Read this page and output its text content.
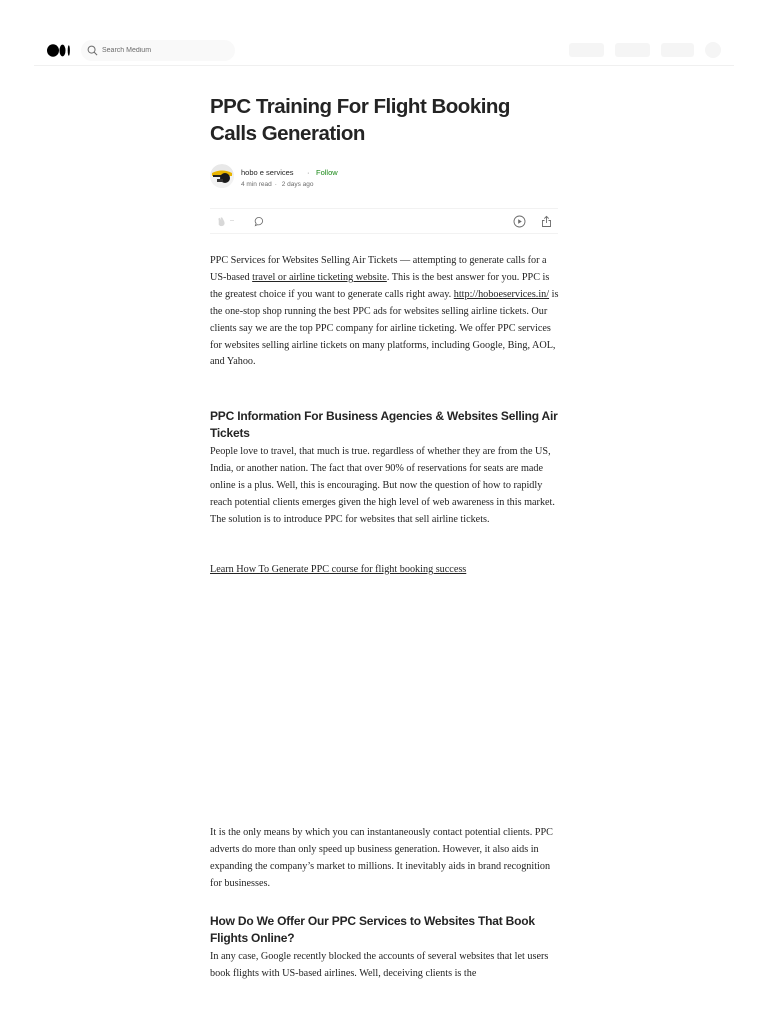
Search Medium
PPC Training For Flight Booking Calls Generation
hobo e services · Follow
4 min read · 2 days ago
--

PPC Services for Websites Selling Air Tickets — attempting to generate calls for a US-based travel or airline ticketing website. This is the best answer for you. PPC is the greatest choice if you want to generate calls right away. http://hoboeservices.in/ is the one-stop shop running the best PPC ads for websites selling airline tickets. Our clients say we are the top PPC company for airline ticketing. We offer PPC services for websites selling airline tickets on many platforms, including Google, Bing, AOL, and Yahoo.

PPC Information For Business Agencies & Websites Selling Air Tickets

People love to travel, that much is true. regardless of whether they are from the US, India, or another nation. The fact that over 90% of reservations for seats are made online is a plus. Well, this is encouraging. But now the question of how to rapidly reach potential clients emerges given the high level of web awareness in this market. The solution is to introduce PPC for websites that sell airline tickets.

Learn How To Generate PPC course for flight booking success

It is the only means by which you can instantaneously contact potential clients. PPC adverts do more than only speed up business generation. However, it also aids in expanding the company’s market to millions. It inevitably aids in brand recognition for businesses.

How Do We Offer Our PPC Services to Websites That Book Flights Online?

In any case, Google recently blocked the accounts of several websites that let users book flights with US-based airlines. Well, deceiving clients is the
